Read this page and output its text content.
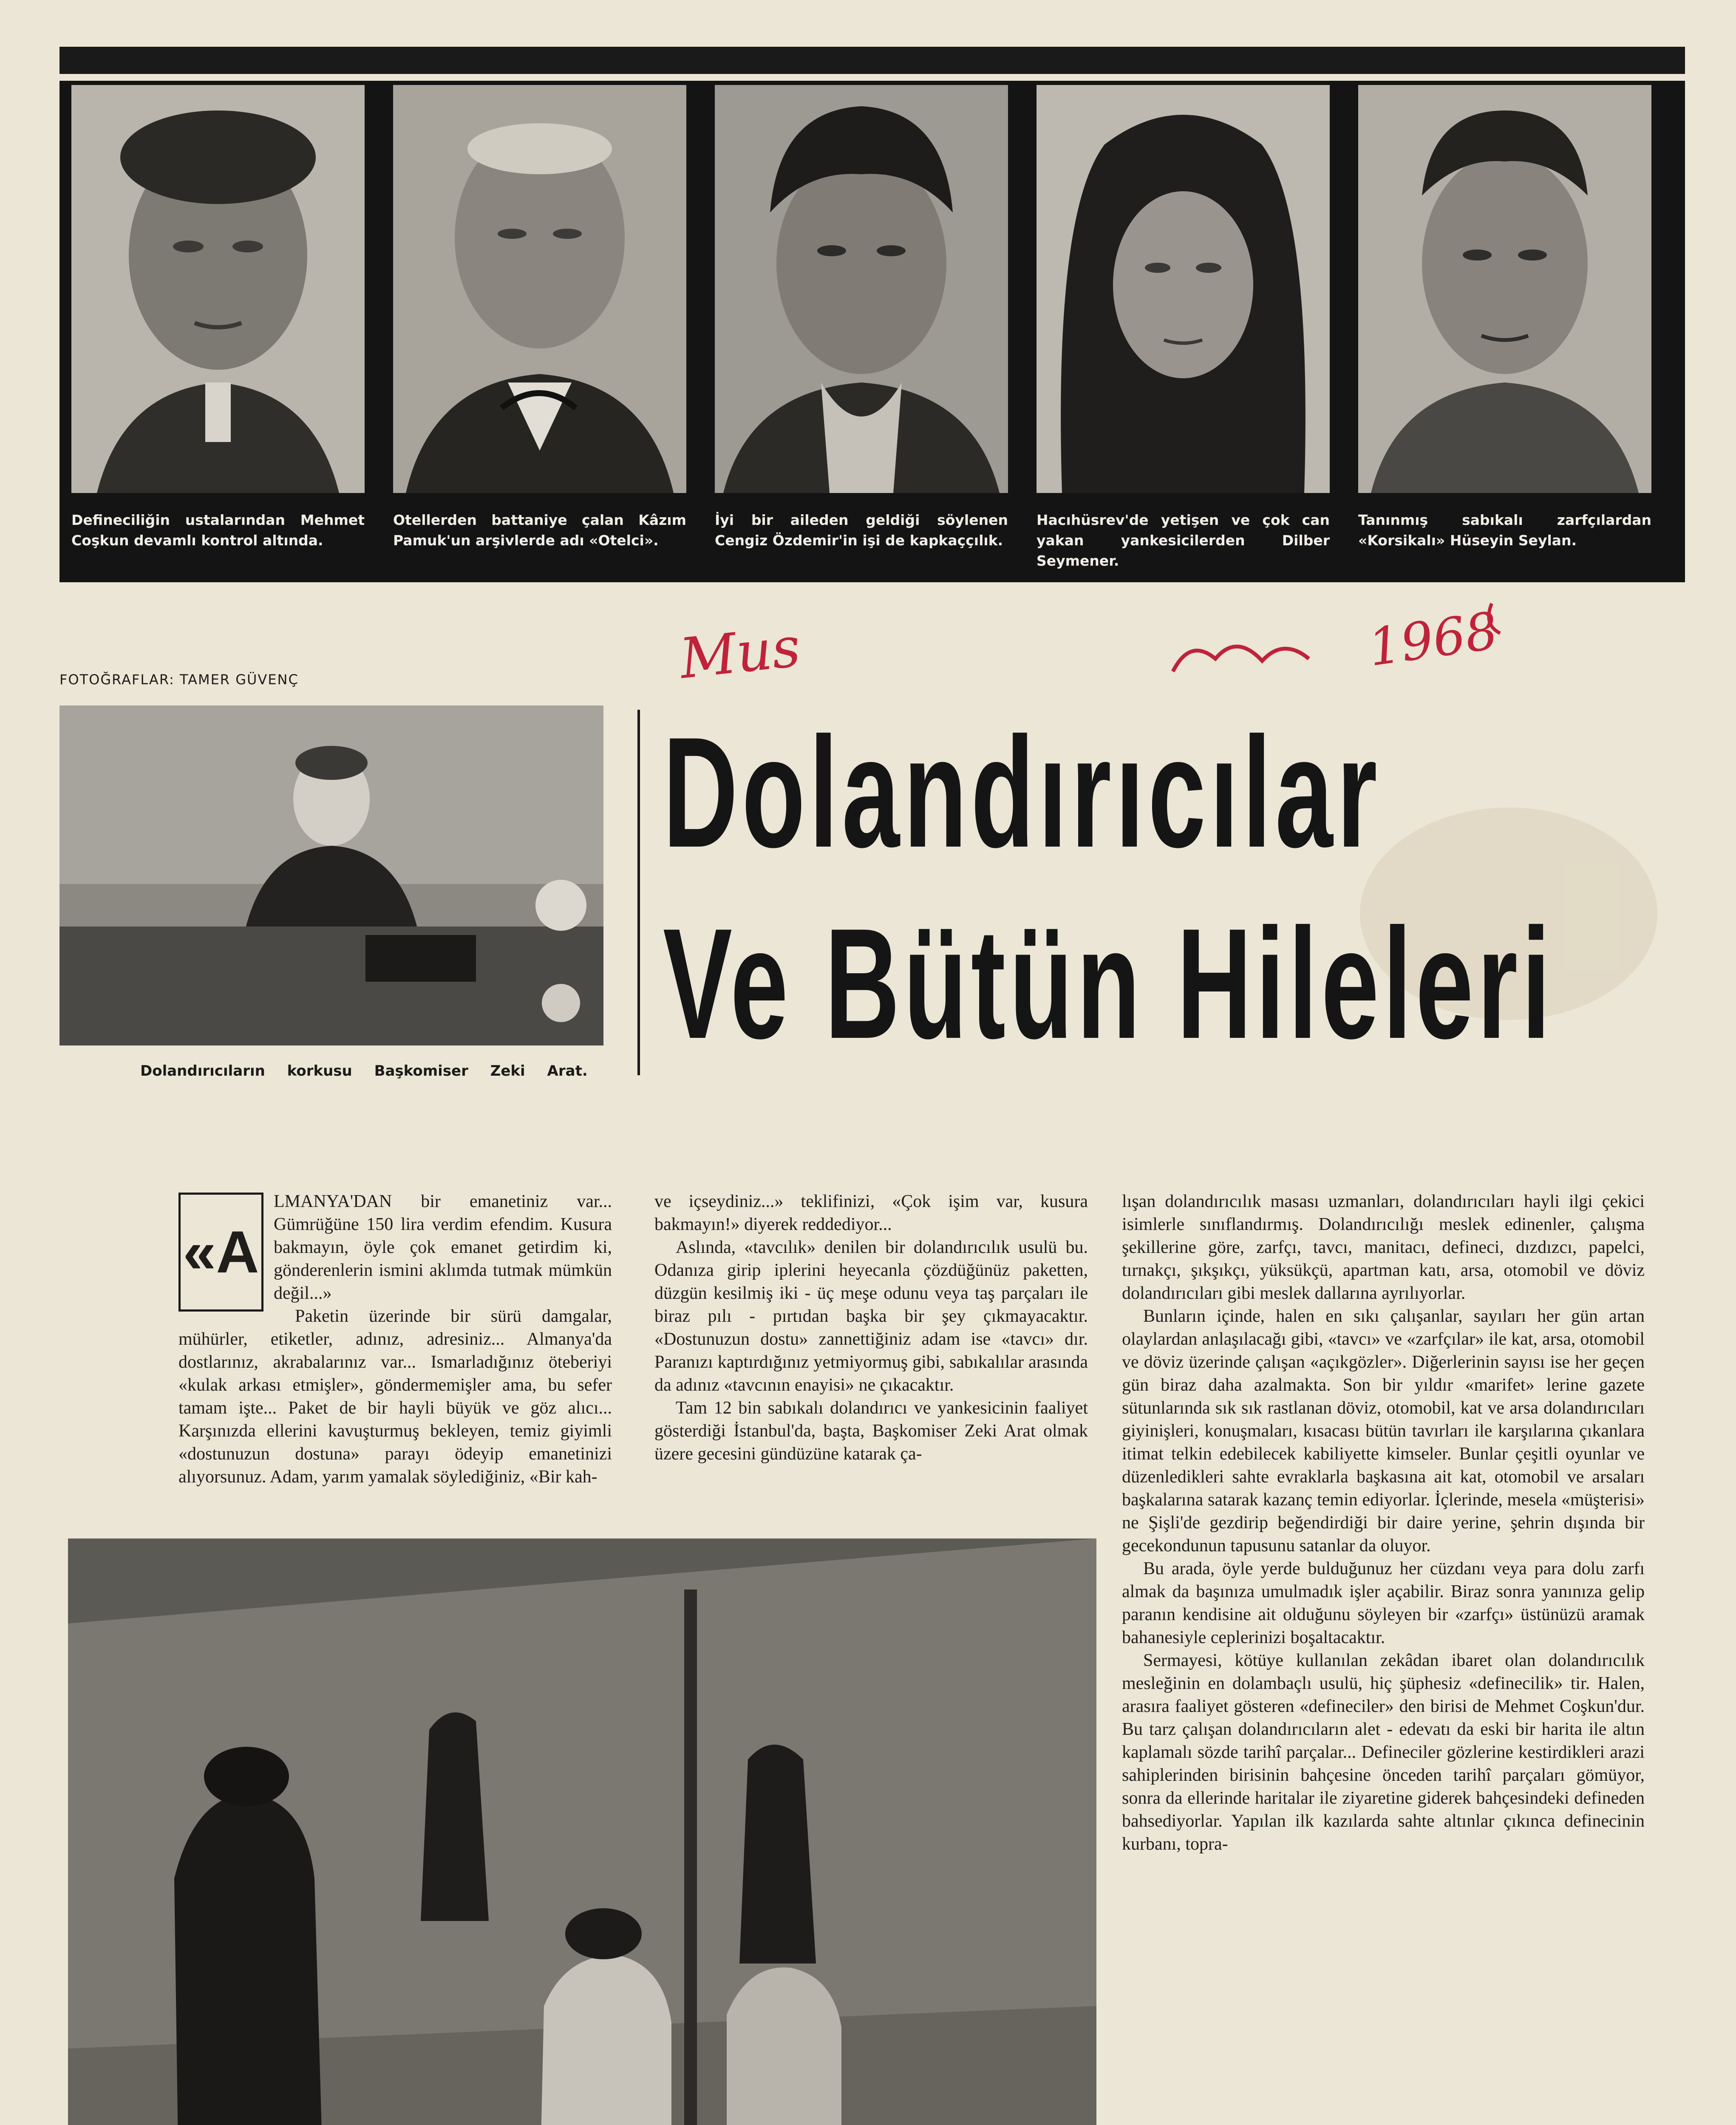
Defineciliğin ustalarından Mehmet Coşkun devamlı kontrol altında.
Otellerden battaniye çalan Kâzım Pamuk'un arşivlerde adı «Otelci».
İyi bir aileden geldiği söylenen Cengiz Özdemir'in işi de kapkaççılık.
Hacıhüsrev'de yetişen ve çok can yakan yankesicilerden Dilber Seymener.
Tanınmış sabıkalı zarfçılardan «Korsikalı» Hüseyin Seylan.
Mus	1968
FOTOĞRAFLAR: TAMER GÜVENÇ
Dolandırıcıların korkusu Başkomiser Zeki Arat.
Dolandırıcılar
Ve Bütün Hileleri

«A
LMANYA'DAN bir emanetiniz var... Gümrüğüne 150 lira verdim efendim. Kusura bakmayın, öyle çok emanet getirdim ki, gönderenlerin ismini aklımda tutmak mümkün değil...»

Paketin üzerinde bir sürü damgalar, mühürler, etiketler, adınız, adresiniz... Almanya'da dostlarınız, akrabalarınız var... Ismarladığınız öteberiyi «kulak arkası etmişler», göndermemişler ama, bu sefer tamam işte... Paket de bir hayli büyük ve göz alıcı... Karşınızda ellerini kavuşturmuş bekleyen, temiz giyimli «dostunuzun dostuna» parayı ödeyip emanetinizi alıyorsunuz. Adam, yarım yamalak söylediğiniz, «Bir kah-

ve içseydiniz...» teklifinizi, «Çok işim var, kusura bakmayın!» diyerek reddediyor...

Aslında, «tavcılık» denilen bir dolandırıcılık usulü bu. Odanıza girip iplerini heyecanla çözdüğünüz paketten, düzgün kesilmiş iki - üç meşe odunu veya taş parçaları ile biraz pılı - pırtıdan başka bir şey çıkmayacaktır. «Dostunuzun dostu» zannettiğiniz adam ise «tavcı» dır. Paranızı kaptırdığınız yetmiyormuş gibi, sabıkalılar arasında da adınız «tavcının enayisi» ne çıkacaktır.

Tam 12 bin sabıkalı dolandırıcı ve yankesicinin faaliyet gösterdiği İstanbul'da, başta, Başkomiser Zeki Arat olmak üzere gecesini gündüzüne katarak ça-

lışan dolandırıcılık masası uzmanları, dolandırıcıları hayli ilgi çekici isimlerle sınıflandırmış. Dolandırıcılığı meslek edinenler, çalışma şekillerine göre, zarfçı, tavcı, manitacı, defineci, dızdızcı, papelci, tırnakçı, şıkşıkçı, yüksükçü, apartman katı, arsa, otomobil ve döviz dolandırıcıları gibi meslek dallarına ayrılıyorlar.

Bunların içinde, halen en sıkı çalışanlar, sayıları her gün artan olaylardan anlaşılacağı gibi, «tavcı» ve «zarfçılar» ile kat, arsa, otomobil ve döviz üzerinde çalışan «açıkgözler». Diğerlerinin sayısı ise her geçen gün biraz daha azalmakta. Son bir yıldır «marifet» lerine gazete sütunlarında sık sık rastlanan döviz, otomobil, kat ve arsa dolandırıcıları giyinişleri, konuşmaları, kısacası bütün tavırları ile karşılarına çıkanlara itimat telkin edebilecek kabiliyette kimseler. Bunlar çeşitli oyunlar ve düzenledikleri sahte evraklarla başkasına ait kat, otomobil ve arsaları başkalarına satarak kazanç temin ediyorlar. İçlerinde, mesela «müşterisi» ne Şişli'de gezdirip beğendirdiği bir daire yerine, şehrin dışında bir gecekondunun tapusunu satanlar da oluyor.

Bu arada, öyle yerde bulduğunuz her cüzdanı veya para dolu zarfı almak da başınıza umulmadık işler açabilir. Biraz sonra yanınıza gelip paranın kendisine ait olduğunu söyleyen bir «zarfçı» üstünüzü aramak bahanesiyle ceplerinizi boşaltacaktır.

Sermayesi, kötüye kullanılan zekâdan ibaret olan dolandırıcılık mesleğinin en dolambaçlı usulü, hiç şüphesiz «definecilik» tir. Halen, arasıra faaliyet gösteren «defineciler» den birisi de Mehmet Coşkun'dur. Bu tarz çalışan dolandırıcıların alet - edevatı da eski bir harita ile altın kaplamalı sözde tarihî parçalar... Defineciler gözlerine kestirdikleri arazi sahiplerinden birisinin bahçesine önceden tarihî parçaları gömüyor, sonra da ellerinde haritalar ile ziyaretine giderek bahçesindeki defineden bahsediyorlar. Yapılan ilk kazılarda sahte altınlar çıkınca definecinin kurbanı, topra-
